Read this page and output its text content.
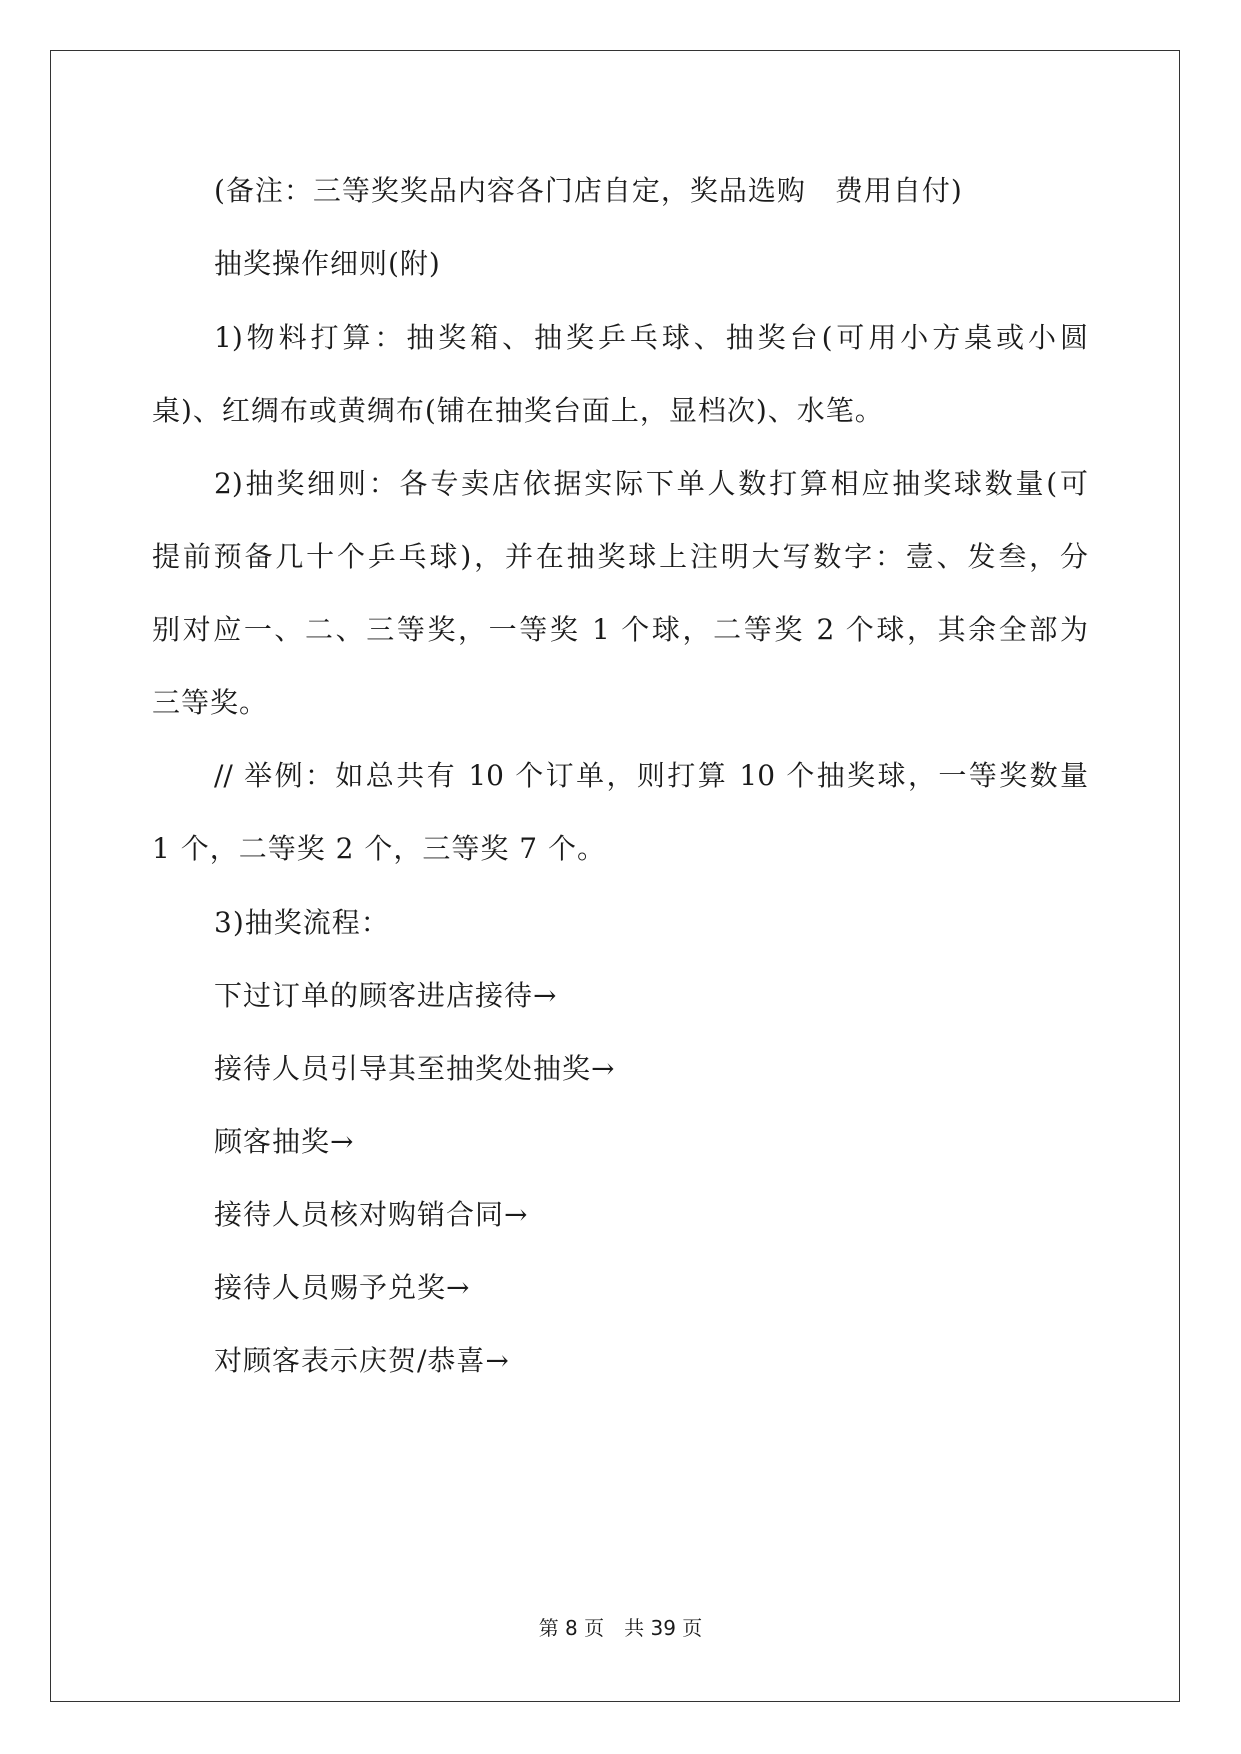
(备注：三等奖奖品内容各门店自定，奖品选购　费用自付)
抽奖操作细则(附)
1)物料打算：抽奖箱、抽奖乒乓球、抽奖台(可用小方桌或小圆
桌)、红绸布或黄绸布(铺在抽奖台面上，显档次)、水笔。
2)抽奖细则：各专卖店依据实际下单人数打算相应抽奖球数量(可
提前预备几十个乒乓球)，并在抽奖球上注明大写数字：壹、发叁，分
别对应一、二、三等奖，一等奖 1 个球，二等奖 2 个球，其余全部为
三等奖。
// 举例：如总共有 10 个订单，则打算 10 个抽奖球，一等奖数量
1 个，二等奖 2 个，三等奖 7 个。
3)抽奖流程：
下过订单的顾客进店接待→
接待人员引导其至抽奖处抽奖→
顾客抽奖→
接待人员核对购销合同→
接待人员赐予兑奖→
对顾客表示庆贺/恭喜→
第 8 页　共 39 页
